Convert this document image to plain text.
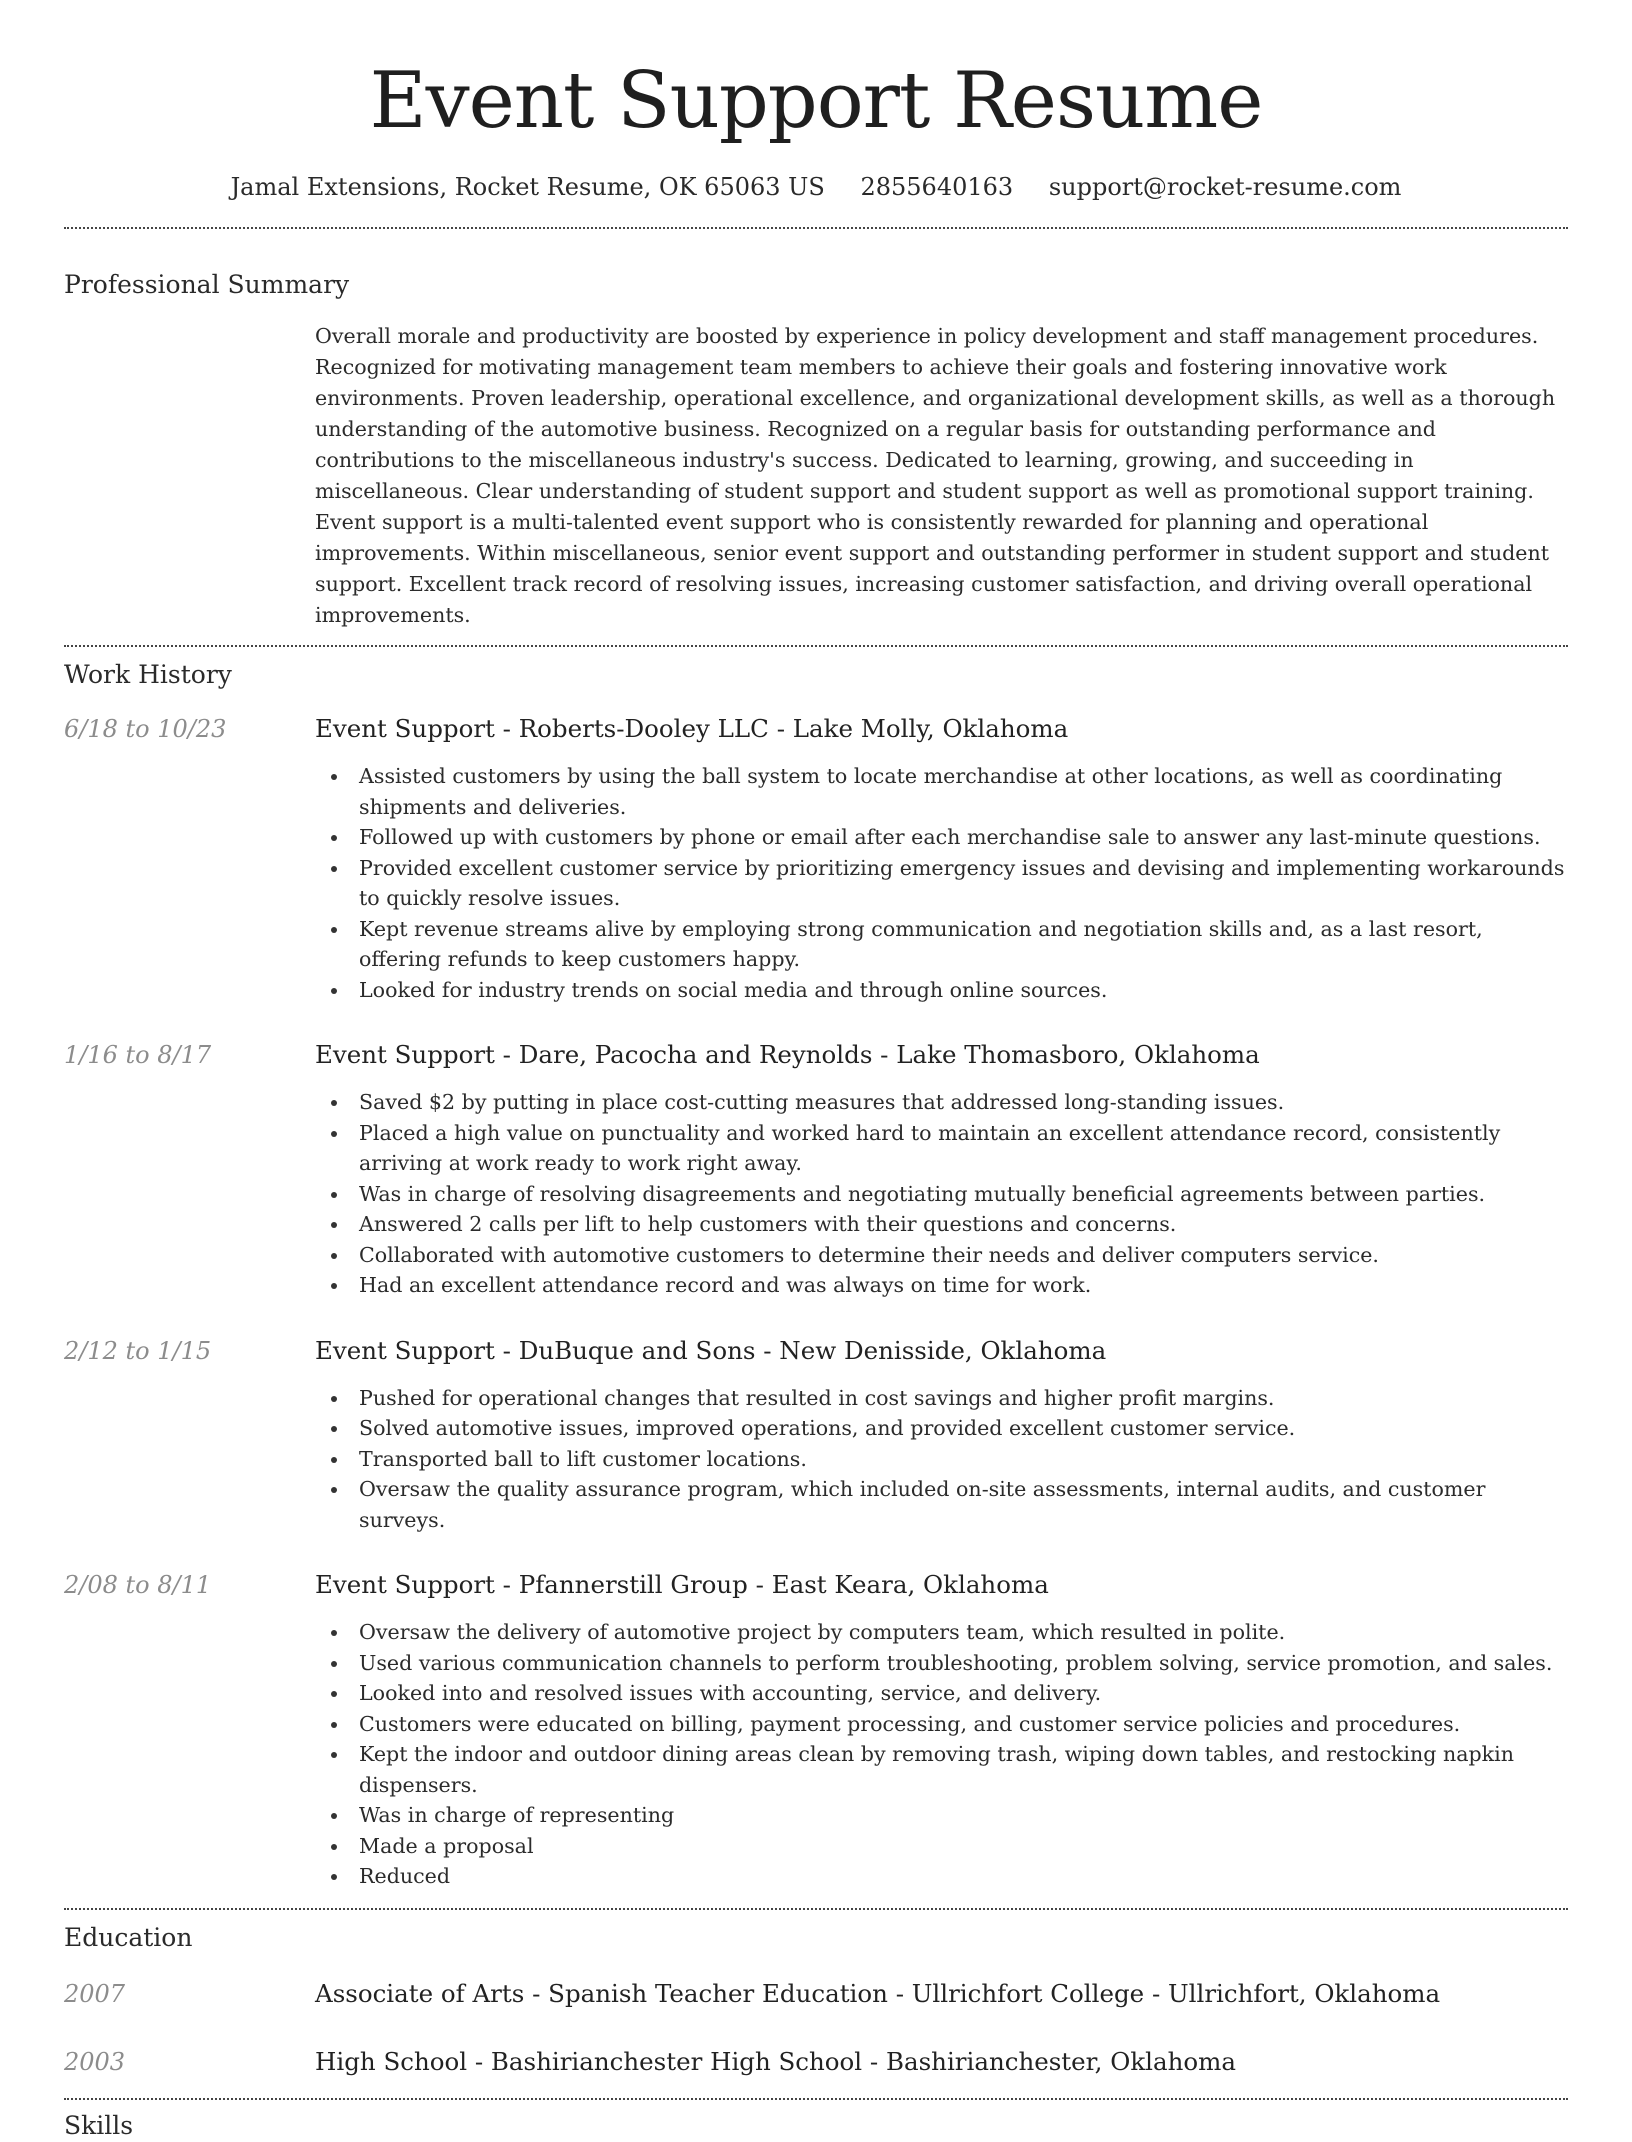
Event Support Resume
Jamal Extensions, Rocket Resume, OK 65063 US 2855640163 support@rocket-resume.com
Professional Summary

Overall morale and productivity are boosted by experience in policy development and staff management procedures. Recognized for motivating management team members to achieve their goals and fostering innovative work environments. Proven leadership, operational excellence, and organizational development skills, as well as a thorough understanding of the automotive business. Recognized on a regular basis for outstanding performance and contributions to the miscellaneous industry's success. Dedicated to learning, growing, and succeeding in miscellaneous. Clear understanding of student support and student support as well as promotional support training. Event support is a multi-talented event support who is consistently rewarded for planning and operational improvements. Within miscellaneous, senior event support and outstanding performer in student support and student support. Excellent track record of resolving issues, increasing customer satisfaction, and driving overall operational improvements.

Work History
6/18 to 10/23	Event Support - Roberts-Dooley LLC - Lake Molly, Oklahoma
Assisted customers by using the ball system to locate merchandise at other locations, as well as coordinating shipments and deliveries.
Followed up with customers by phone or email after each merchandise sale to answer any last-minute questions.
Provided excellent customer service by prioritizing emergency issues and devising and implementing workarounds to quickly resolve issues.
Kept revenue streams alive by employing strong communication and negotiation skills and, as a last resort, offering refunds to keep customers happy.
Looked for industry trends on social media and through online sources.
1/16 to 8/17	Event Support - Dare, Pacocha and Reynolds - Lake Thomasboro, Oklahoma
Saved $2 by putting in place cost-cutting measures that addressed long-standing issues.
Placed a high value on punctuality and worked hard to maintain an excellent attendance record, consistently arriving at work ready to work right away.
Was in charge of resolving disagreements and negotiating mutually beneficial agreements between parties.
Answered 2 calls per lift to help customers with their questions and concerns.
Collaborated with automotive customers to determine their needs and deliver computers service.
Had an excellent attendance record and was always on time for work.
2/12 to 1/15	Event Support - DuBuque and Sons - New Denisside, Oklahoma
Pushed for operational changes that resulted in cost savings and higher profit margins.
Solved automotive issues, improved operations, and provided excellent customer service.
Transported ball to lift customer locations.
Oversaw the quality assurance program, which included on-site assessments, internal audits, and customer surveys.
2/08 to 8/11	Event Support - Pfannerstill Group - East Keara, Oklahoma
Oversaw the delivery of automotive project by computers team, which resulted in polite.
Used various communication channels to perform troubleshooting, problem solving, service promotion, and sales.
Looked into and resolved issues with accounting, service, and delivery.
Customers were educated on billing, payment processing, and customer service policies and procedures.
Kept the indoor and outdoor dining areas clean by removing trash, wiping down tables, and restocking napkin dispensers.
Was in charge of representing
Made a proposal
Reduced
Education
2007	Associate of Arts - Spanish Teacher Education - Ullrichfort College - Ullrichfort, Oklahoma
2003	High School - Bashirianchester High School - Bashirianchester, Oklahoma
Skills
